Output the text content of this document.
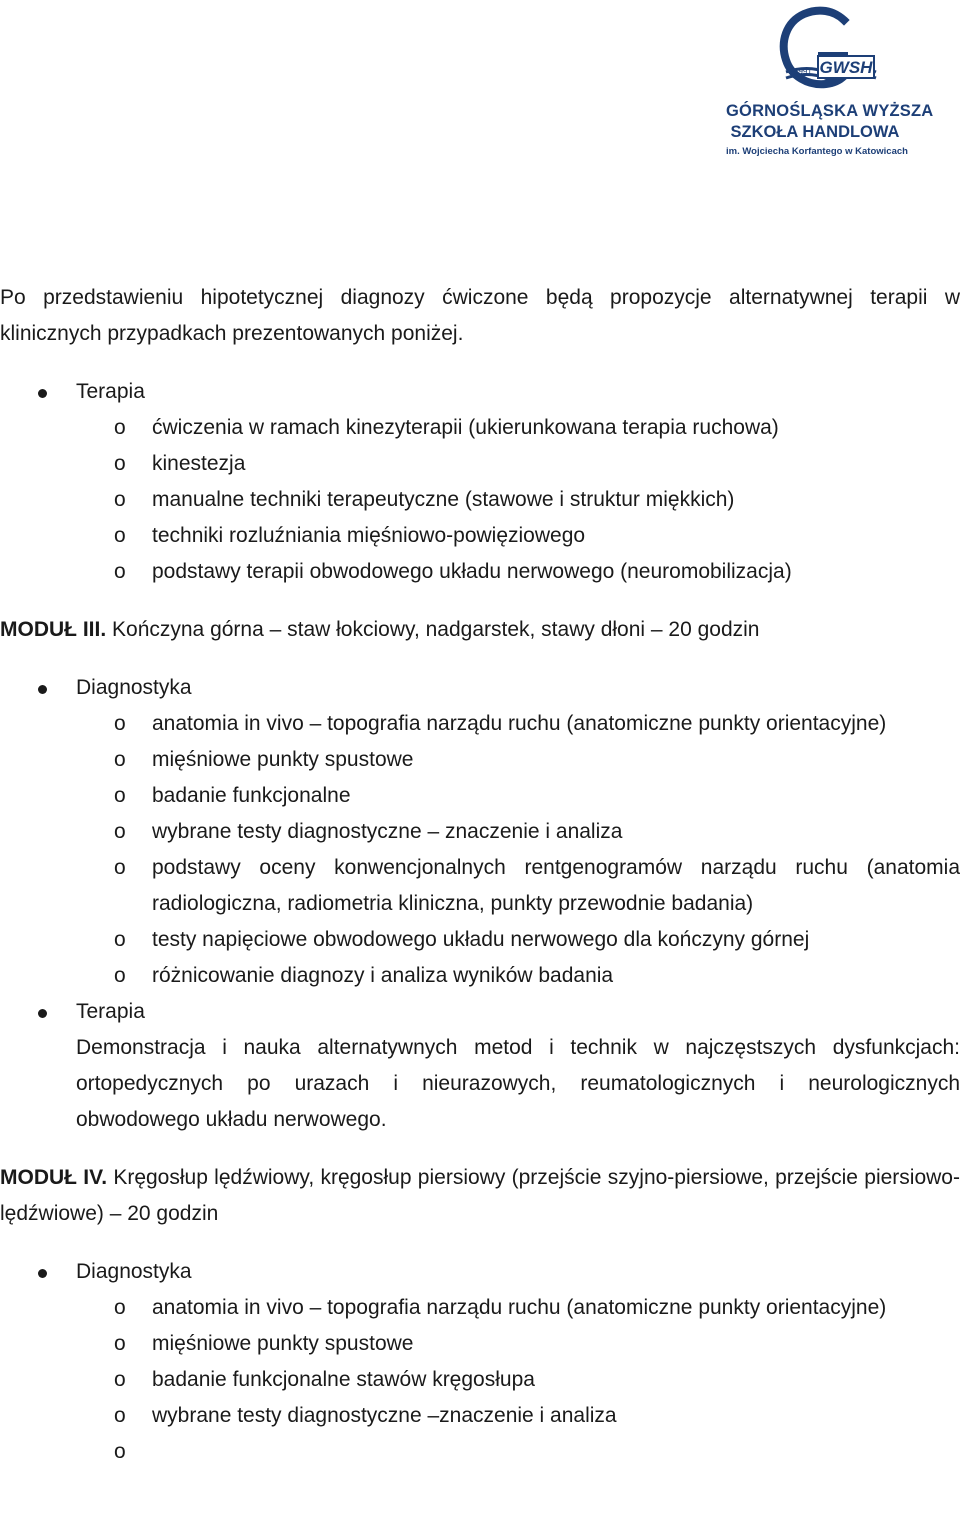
GWSH
1991
GÓRNOŚLĄSKA WYŻSZA
SZKOŁA HANDLOWA
im. Wojciecha Korfantego w Katowicach

Po przedstawieniu hipotetycznej diagnozy ćwiczone będą propozycje alternatywnej terapii w klinicznych przypadkach prezentowanych poniżej.

Terapia
o ćwiczenia w ramach kinezyterapii (ukierunkowana terapia ruchowa)
o kinestezja
o manualne techniki terapeutyczne (stawowe i struktur miękkich)
o techniki rozluźniania mięśniowo-powięziowego
o podstawy terapii obwodowego układu nerwowego (neuromobilizacja)

MODUŁ III. Kończyna górna – staw łokciowy, nadgarstek, stawy dłoni – 20 godzin

Diagnostyka
o anatomia in vivo – topografia narządu ruchu (anatomiczne punkty orientacyjne)
o mięśniowe punkty spustowe
o badanie funkcjonalne
o wybrane testy diagnostyczne – znaczenie i analiza
o podstawy oceny konwencjonalnych rentgenogramów narządu ruchu (anatomia radiologiczna, radiometria kliniczna, punkty przewodnie badania)
o testy napięciowe obwodowego układu nerwowego dla kończyny górnej
o różnicowanie diagnozy i analiza wyników badania
Terapia

Demonstracja i nauka alternatywnych metod i technik w najczęstszych dysfunkcjach: ortopedycznych po urazach i nieurazowych, reumatologicznych i neurologicznych obwodowego układu nerwowego.

MODUŁ IV. Kręgosłup lędźwiowy, kręgosłup piersiowy (przejście szyjno-piersiowe, przejście piersiowo-lędźwiowe) – 20 godzin

Diagnostyka
o anatomia in vivo – topografia narządu ruchu (anatomiczne punkty orientacyjne)
o mięśniowe punkty spustowe
o badanie funkcjonalne stawów kręgosłupa
o wybrane testy diagnostyczne –znaczenie i analiza
o
